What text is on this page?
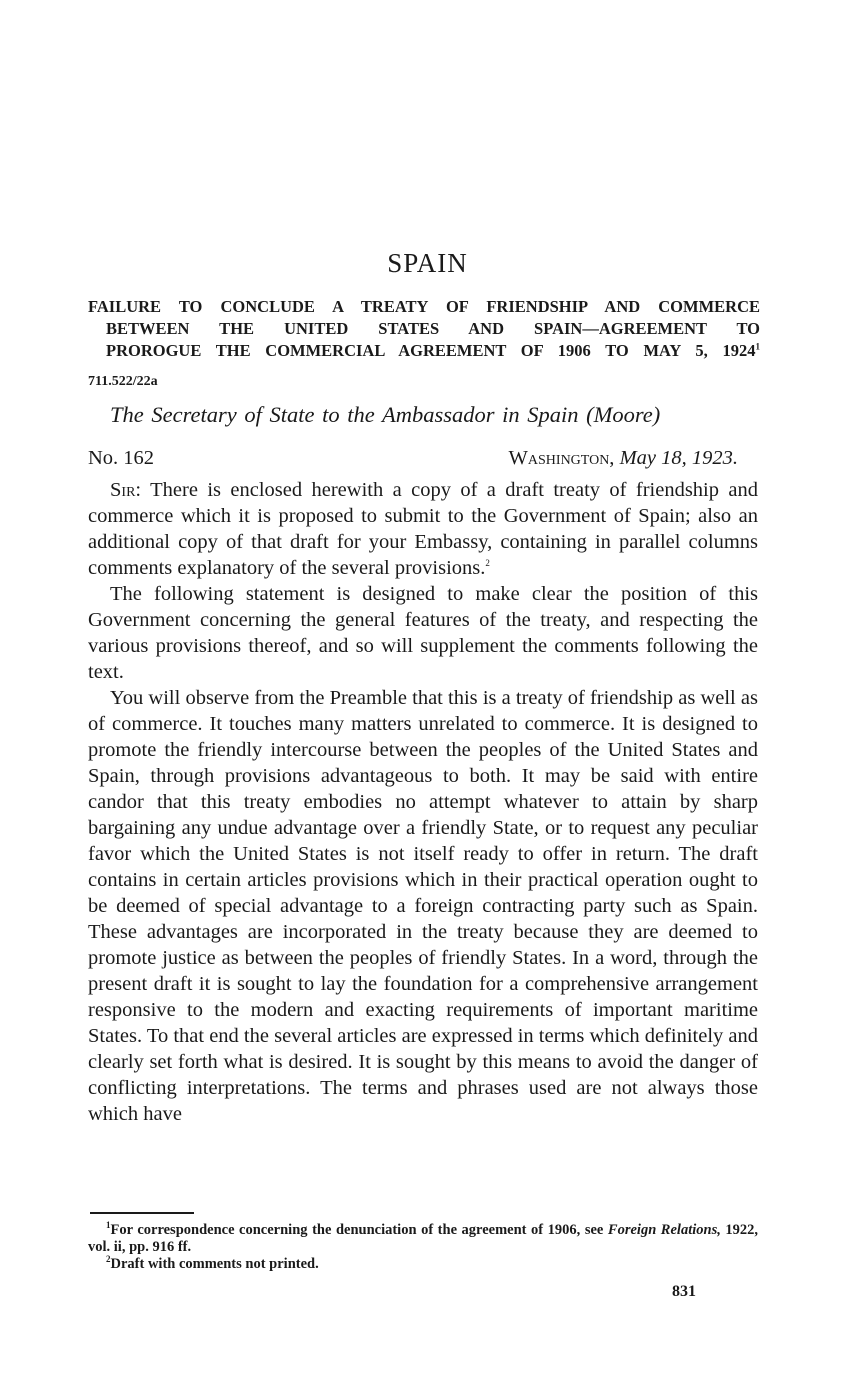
SPAIN
FAILURE TO CONCLUDE A TREATY OF FRIENDSHIP AND COMMERCE
BETWEEN THE UNITED STATES AND SPAIN—AGREEMENT TO
PROROGUE THE COMMERCIAL AGREEMENT OF 1906 TO MAY 5, 1924$^1$
711.522/22a
The Secretary of State to the Ambassador in Spain (Moore)
No. 162	Washington, May 18, 1923.

Sir: There is enclosed herewith a copy of a draft treaty of friendship and commerce which it is proposed to submit to the Government of Spain; also an additional copy of that draft for your Embassy, containing in parallel columns comments explanatory of the several provisions.$^2$

The following statement is designed to make clear the position of this Government concerning the general features of the treaty, and respecting the various provisions thereof, and so will supplement the comments following the text.

You will observe from the Preamble that this is a treaty of friendship as well as of commerce. It touches many matters unrelated to commerce. It is designed to promote the friendly intercourse between the peoples of the United States and Spain, through provisions advantageous to both. It may be said with entire candor that this treaty embodies no attempt whatever to attain by sharp bargaining any undue advantage over a friendly State, or to request any peculiar favor which the United States is not itself ready to offer in return. The draft contains in certain articles provisions which in their practical operation ought to be deemed of special advantage to a foreign contracting party such as Spain. These advantages are incorporated in the treaty because they are deemed to promote justice as between the peoples of friendly States. In a word, through the present draft it is sought to lay the foundation for a comprehensive arrangement responsive to the modern and exacting requirements of important maritime States. To that end the several articles are expressed in terms which definitely and clearly set forth what is desired. It is sought by this means to avoid the danger of conflicting interpretations. The terms and phrases used are not always those which have

$^1$For correspondence concerning the denunciation of the agreement of 1906, see Foreign Relations, 1922, vol. ii, pp. 916 ff.

$^2$Draft with comments not printed.

831
